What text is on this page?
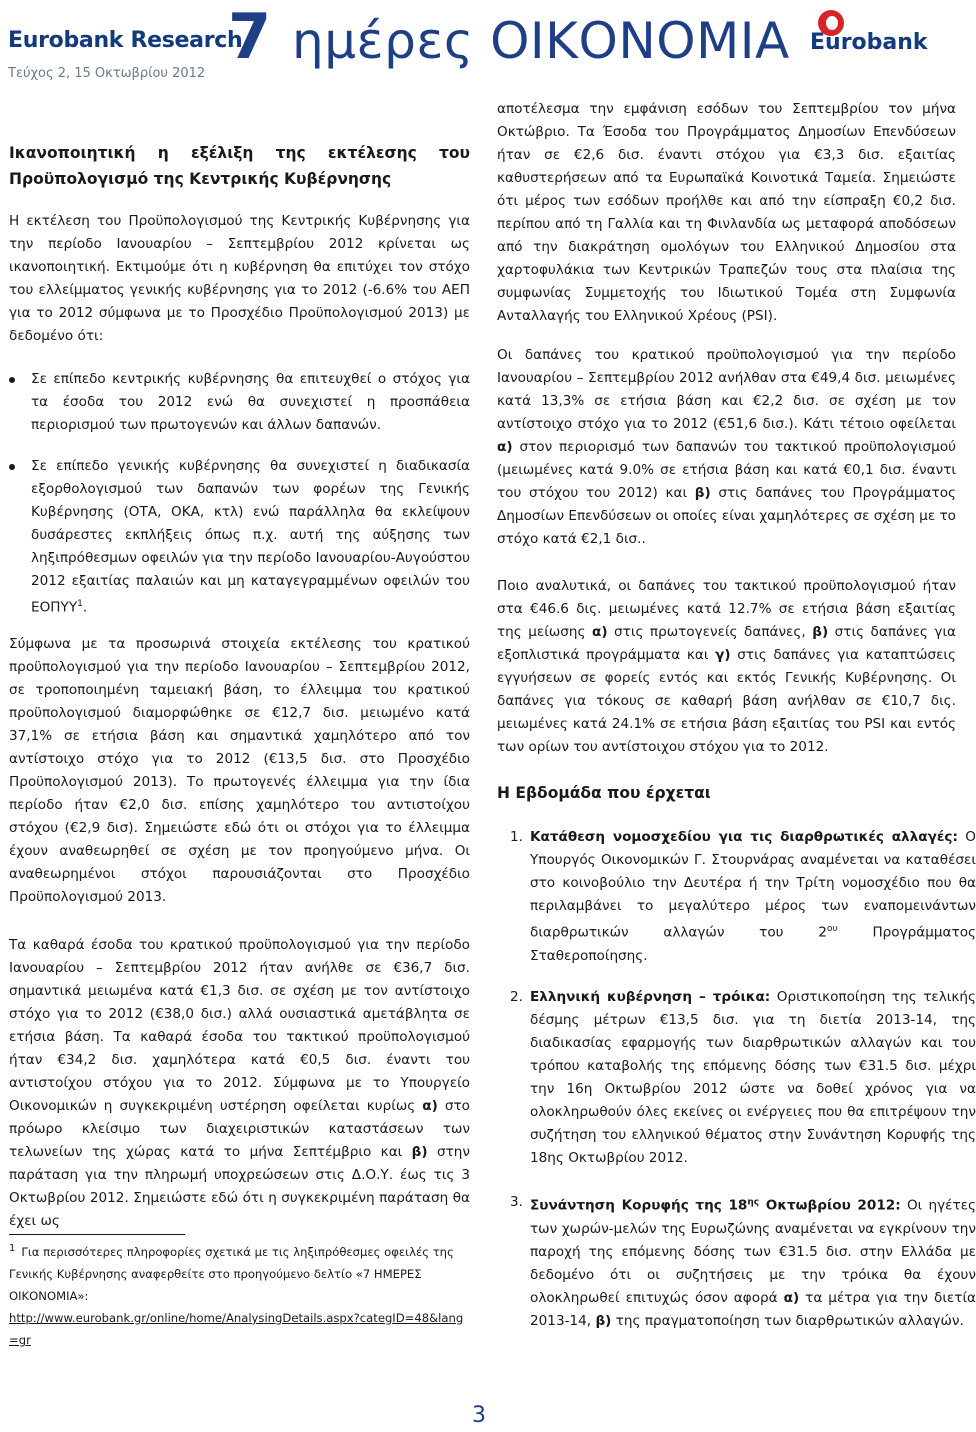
Eurobank Research
Τεύχος 2, 15 Οκτωβρίου 2012
7 ημέρες ΟΙΚΟΝΟΜΙΑ Eurobank
Ικανοποιητική η εξέλιξη της εκτέλεσης του
Προϋπολογισμό της Κεντρικής Κυβέρνησης

Η εκτέλεση του Προϋπολογισμού της Κεντρικής Κυβέρνησης για την περίοδο Ιανουαρίου – Σεπτεμβρίου 2012 κρίνεται ως ικανοποιητική. Εκτιμούμε ότι η κυβέρνηση θα επιτύχει τον στόχο του ελλείμματος γενικής κυβέρνησης για το 2012 (-6.6% του ΑΕΠ για το 2012 σύμφωνα με το Προσχέδιο Προϋπολογισμού 2013) με δεδομένο ότι:

Σε επίπεδο κεντρικής κυβέρνησης θα επιτευχθεί ο στόχος για τα έσοδα του 2012 ενώ θα συνεχιστεί η προσπάθεια περιορισμού των πρωτογενών και άλλων δαπανών.

Σε επίπεδο γενικής κυβέρνησης θα συνεχιστεί η διαδικασία εξορθολογισμού των δαπανών των φορέων της Γενικής Κυβέρνησης (ΟΤΑ, ΟΚΑ, κτλ) ενώ παράλληλα θα εκλείψουν δυσάρεστες εκπλήξεις όπως π.χ. αυτή της αύξησης των ληξιπρόθεσμων οφειλών για την περίοδο Ιανουαρίου-Αυγούστου 2012 εξαιτίας παλαιών και μη καταγεγραμμένων οφειλών του ΕΟΠΥΥ$^1$.

Σύμφωνα με τα προσωρινά στοιχεία εκτέλεσης του κρατικού προϋπολογισμού για την περίοδο Ιανουαρίου – Σεπτεμβρίου 2012, σε τροποποιημένη ταμειακή βάση, το έλλειμμα του κρατικού προϋπολογισμού διαμορφώθηκε σε €12,7 δισ. μειωμένο κατά 37,1% σε ετήσια βάση και σημαντικά χαμηλότερο από τον αντίστοιχο στόχο για το 2012 (€13,5 δισ. στο Προσχέδιο Προϋπολογισμού 2013). Το πρωτογενές έλλειμμα για την ίδια περίοδο ήταν €2,0 δισ. επίσης χαμηλότερο του αντιστοίχου στόχου (€2,9 δισ). Σημειώστε εδώ ότι οι στόχοι για το έλλειμμα έχουν αναθεωρηθεί σε σχέση με τον προηγούμενο μήνα. Οι αναθεωρημένοι στόχοι παρουσιάζονται στο Προσχέδιο Προϋπολογισμού 2013.

Τα καθαρά έσοδα του κρατικού προϋπολογισμού για την περίοδο Ιανουαρίου – Σεπτεμβρίου 2012 ήταν ανήλθε σε €36,7 δισ. σημαντικά μειωμένα κατά €1,3 δισ. σε σχέση με τον αντίστοιχο στόχο για το 2012 (€38,0 δισ.) αλλά ουσιαστικά αμετάβλητα σε ετήσια βάση. Τα καθαρά έσοδα του τακτικού προϋπολογισμού ήταν €34,2 δισ. χαμηλότερα κατά €0,5 δισ. έναντι του αντιστοίχου στόχου για το 2012. Σύμφωνα με το Υπουργείο Οικονομικών η συγκεκριμένη υστέρηση οφείλεται κυρίως α) στο πρόωρο κλείσιμο των διαχειριστικών καταστάσεων των τελωνείων της χώρας κατά το μήνα Σεπτέμβριο και β) στην παράταση για την πληρωμή υποχρεώσεων στις Δ.Ο.Υ. έως τις 3 Οκτωβρίου 2012. Σημειώστε εδώ ότι η συγκεκριμένη παράταση θα έχει ως

1 Για περισσότερες πληροφορίες σχετικά με τις ληξιπρόθεσμες οφειλές της Γενικής Κυβέρνησης αναφερθείτε στο προηγούμενο δελτίο «7 ΗΜΕΡΕΣ ΟΙΚΟΝΟΜΙΑ»:
http://www.eurobank.gr/online/home/AnalysingDetails.aspx?categID=48&lang=gr

αποτέλεσμα την εμφάνιση εσόδων του Σεπτεμβρίου τον μήνα Οκτώβριο. Τα Έσοδα του Προγράμματος Δημοσίων Επενδύσεων ήταν σε €2,6 δισ. έναντι στόχου για €3,3 δισ. εξαιτίας καθυστερήσεων από τα Ευρωπαϊκά Κοινοτικά Ταμεία. Σημειώστε ότι μέρος των εσόδων προήλθε και από την είσπραξη €0,2 δισ. περίπου από τη Γαλλία και τη Φινλανδία ως μεταφορά αποδόσεων από την διακράτηση ομολόγων του Ελληνικού Δημοσίου στα χαρτοφυλάκια των Κεντρικών Τραπεζών τους στα πλαίσια της συμφωνίας Συμμετοχής του Ιδιωτικού Τομέα στη Συμφωνία Ανταλλαγής του Ελληνικού Χρέους (PSI).

Οι δαπάνες του κρατικού προϋπολογισμού για την περίοδο Ιανουαρίου – Σεπτεμβρίου 2012 ανήλθαν στα €49,4 δισ. μειωμένες κατά 13,3% σε ετήσια βάση και €2,2 δισ. σε σχέση με τον αντίστοιχο στόχο για το 2012 (€51,6 δισ.). Κάτι τέτοιο οφείλεται α) στον περιορισμό των δαπανών του τακτικού προϋπολογισμού (μειωμένες κατά 9.0% σε ετήσια βάση και κατά €0,1 δισ. έναντι του στόχου του 2012) και β) στις δαπάνες του Προγράμματος Δημοσίων Επενδύσεων οι οποίες είναι χαμηλότερες σε σχέση με το στόχο κατά €2,1 δισ..

Ποιο αναλυτικά, οι δαπάνες του τακτικού προϋπολογισμού ήταν στα €46.6 δις. μειωμένες κατά 12.7% σε ετήσια βάση εξαιτίας της μείωσης α) στις πρωτογενείς δαπάνες, β) στις δαπάνες για εξοπλιστικά προγράμματα και γ) στις δαπάνες για καταπτώσεις εγγυήσεων σε φορείς εντός και εκτός Γενικής Κυβέρνησης. Οι δαπάνες για τόκους σε καθαρή βάση ανήλθαν σε €10,7 δις. μειωμένες κατά 24.1% σε ετήσια βάση εξαιτίας του PSI και εντός των ορίων του αντίστοιχου στόχου για το 2012.

Η Εβδομάδα που έρχεται
1. Κατάθεση νομοσχεδίου για τις διαρθρωτικές αλλαγές: Ο Υπουργός Οικονομικών Γ. Στουρνάρας αναμένεται να καταθέσει στο κοινοβούλιο την Δευτέρα ή την Τρίτη νομοσχέδιο που θα περιλαμβάνει το μεγαλύτερο μέρος των εναπομεινάντων διαρθρωτικών αλλαγών του $2^{o\upsilon}$ Προγράμματος Σταθεροποίησης.

2. Ελληνική κυβέρνηση – τρόικα: Οριστικοποίηση της τελικής δέσμης μέτρων €13,5 δισ. για τη διετία 2013-14, της διαδικασίας εφαρμογής των διαρθρωτικών αλλαγών και του τρόπου καταβολής της επόμενης δόσης των €31.5 δισ. μέχρι την 16η Οκτωβρίου 2012 ώστε να δοθεί χρόνος για να ολοκληρωθούν όλες εκείνες οι ενέργειες που θα επιτρέψουν την συζήτηση του ελληνικού θέματος στην Συνάντηση Κορυφής της 18ης Οκτωβρίου 2012.

3. Συνάντηση Κορυφής της $18^{\eta\varsigma}$ Οκτωβρίου 2012: Οι ηγέτες των χωρών-μελών της Ευρωζώνης αναμένεται να εγκρίνουν την παροχή της επόμενης δόσης των €31.5 δισ. στην Ελλάδα με δεδομένο ότι οι συζητήσεις με την τρόικα θα έχουν ολοκληρωθεί επιτυχώς όσον αφορά α) τα μέτρα για την διετία 2013-14, β) της πραγματοποίηση των διαρθρωτικών αλλαγών.

3
